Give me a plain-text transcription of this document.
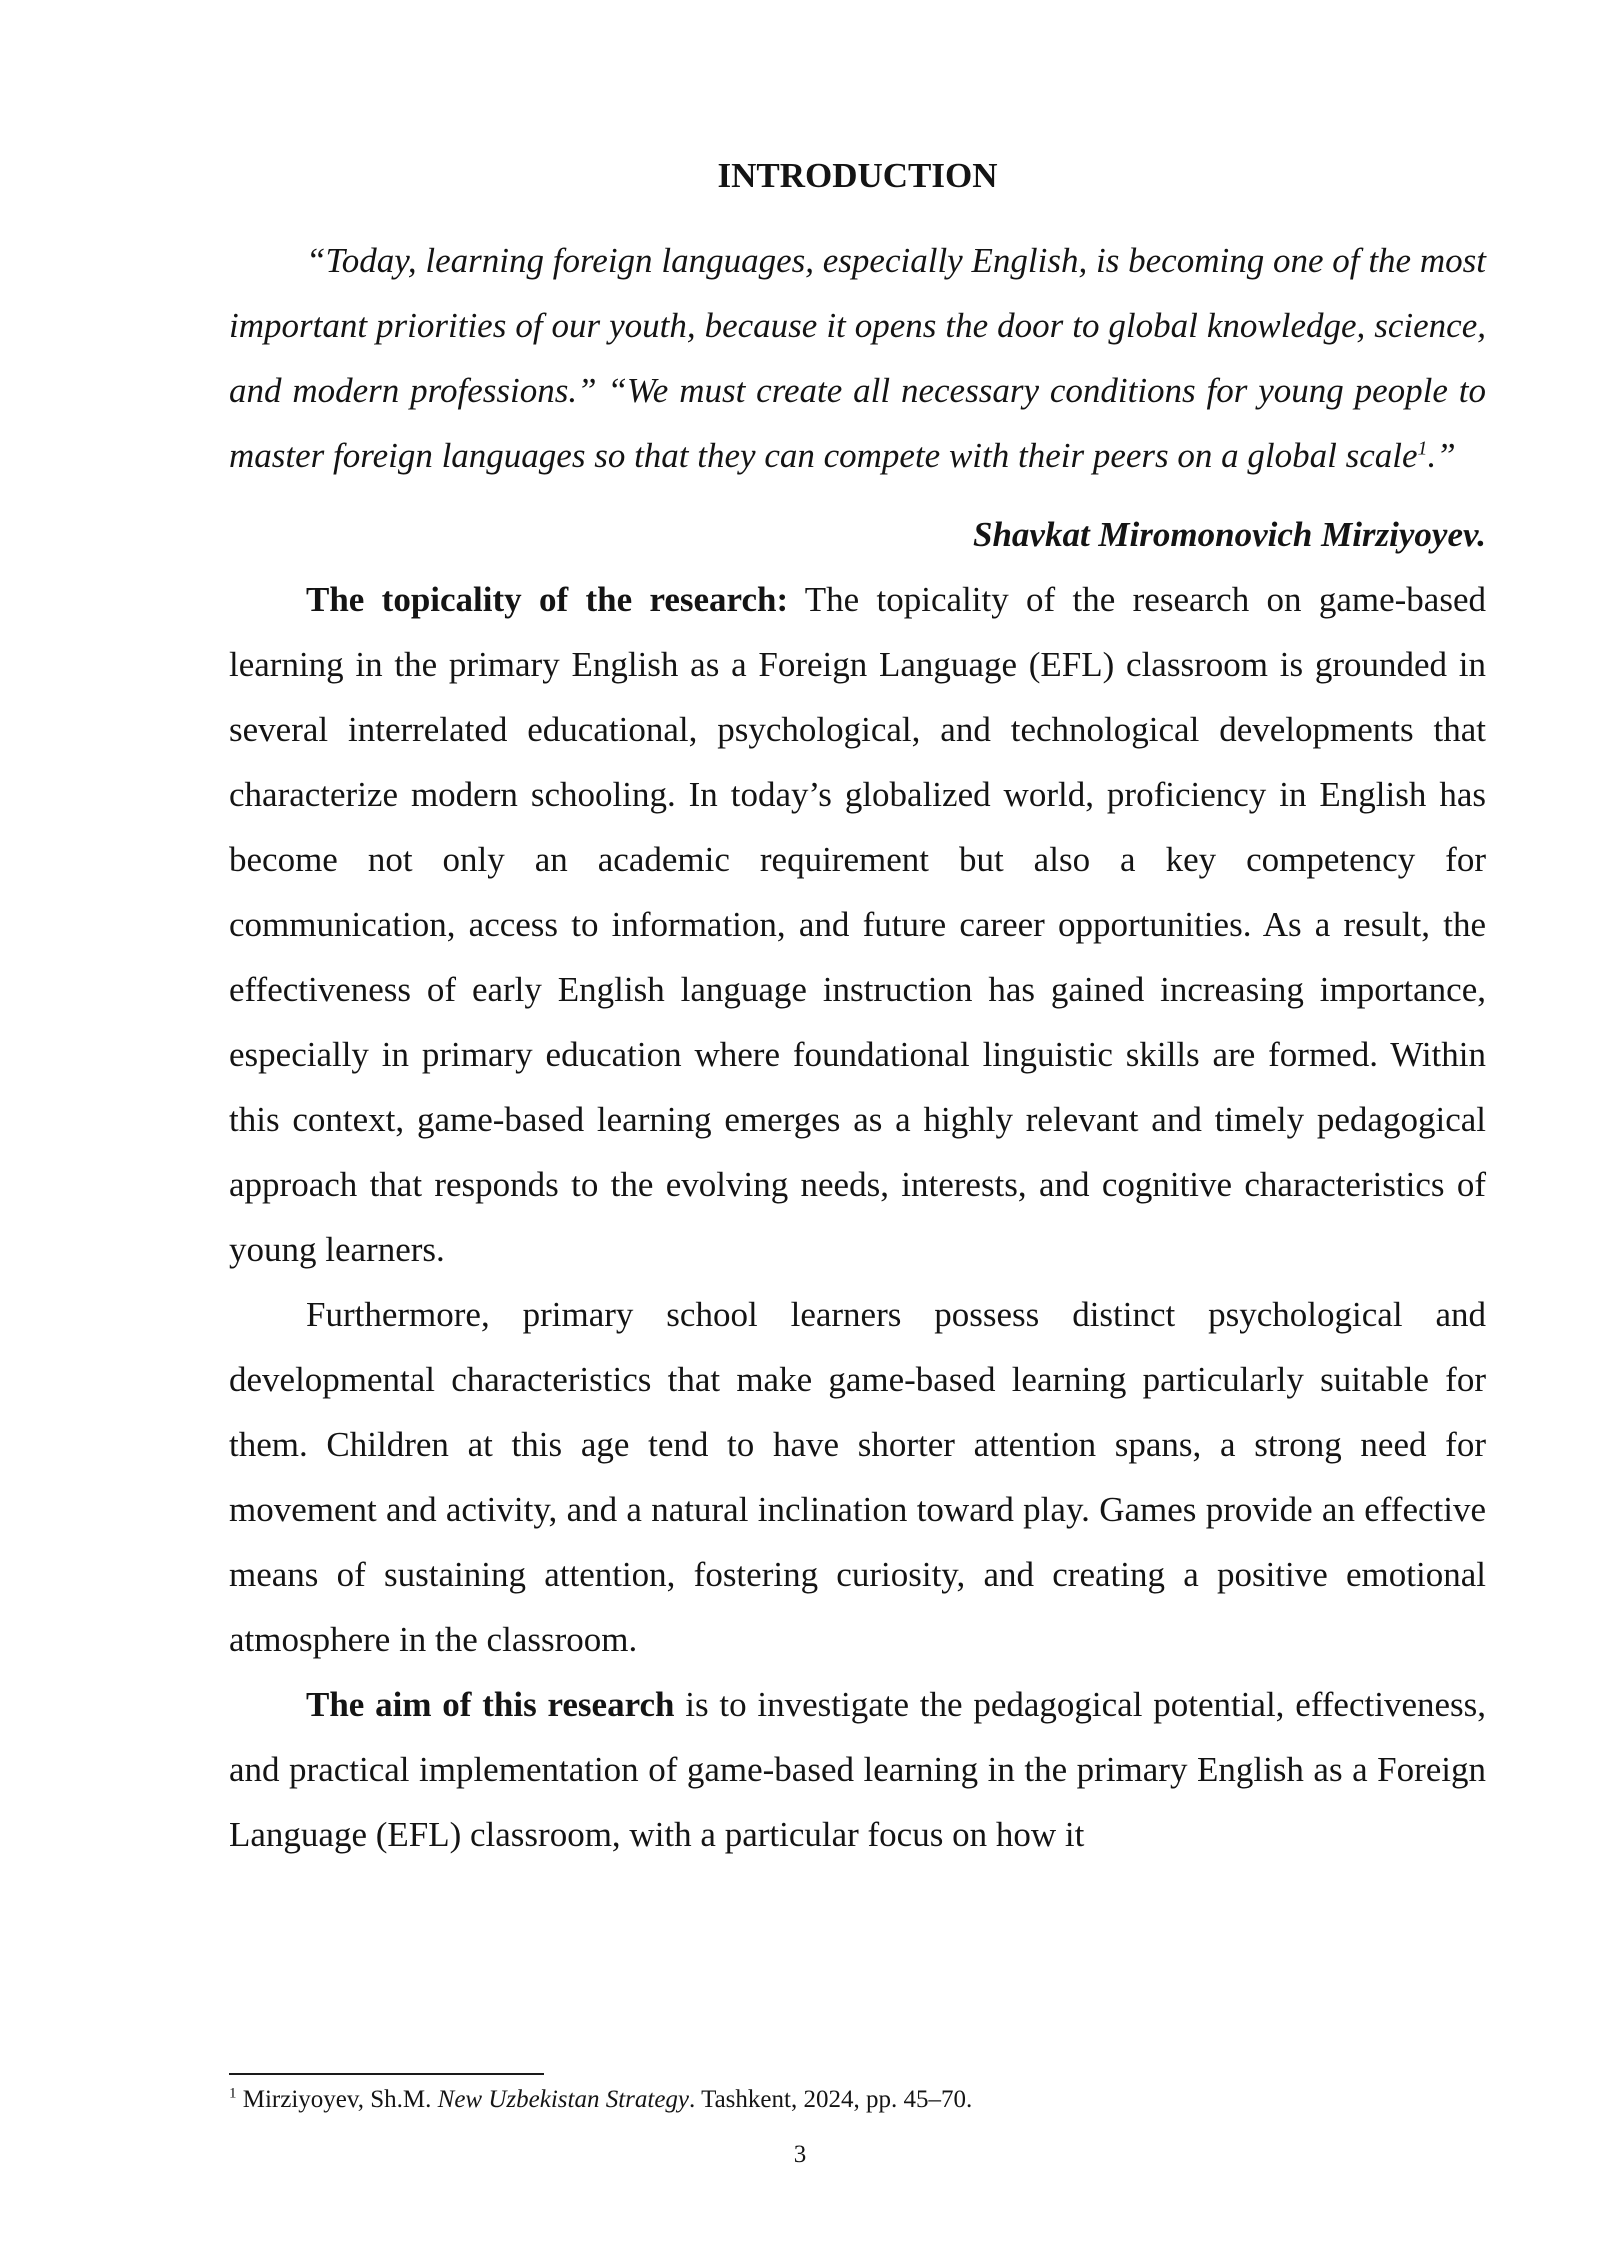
INTRODUCTION

“Today, learning foreign languages, especially English, is becoming one of the most important priorities of our youth, because it opens the door to global knowledge, science, and modern professions.” “We must create all necessary conditions for young people to master foreign languages so that they can compete with their peers on a global scale$^1$.”

Shavkat Miromonovich Mirziyoyev.

The topicality of the research: The topicality of the research on game-based learning in the primary English as a Foreign Language (EFL) classroom is grounded in several interrelated educational, psychological, and technological developments that characterize modern schooling. In today’s globalized world, proficiency in English has become not only an academic requirement but also a key competency for communication, access to information, and future career opportunities. As a result, the effectiveness of early English language instruction has gained increasing importance, especially in primary education where foundational linguistic skills are formed. Within this context, game-based learning emerges as a highly relevant and timely pedagogical approach that responds to the evolving needs, interests, and cognitive characteristics of young learners.

Furthermore, primary school learners possess distinct psychological and developmental characteristics that make game-based learning particularly suitable for them. Children at this age tend to have shorter attention spans, a strong need for movement and activity, and a natural inclination toward play. Games provide an effective means of sustaining attention, fostering curiosity, and creating a positive emotional atmosphere in the classroom.

The aim of this research is to investigate the pedagogical potential, effectiveness, and practical implementation of game-based learning in the primary English as a Foreign Language (EFL) classroom, with a particular focus on how it

$^1$ Mirziyoyev, Sh.M. New Uzbekistan Strategy. Tashkent, 2024, pp. 45–70.

3
